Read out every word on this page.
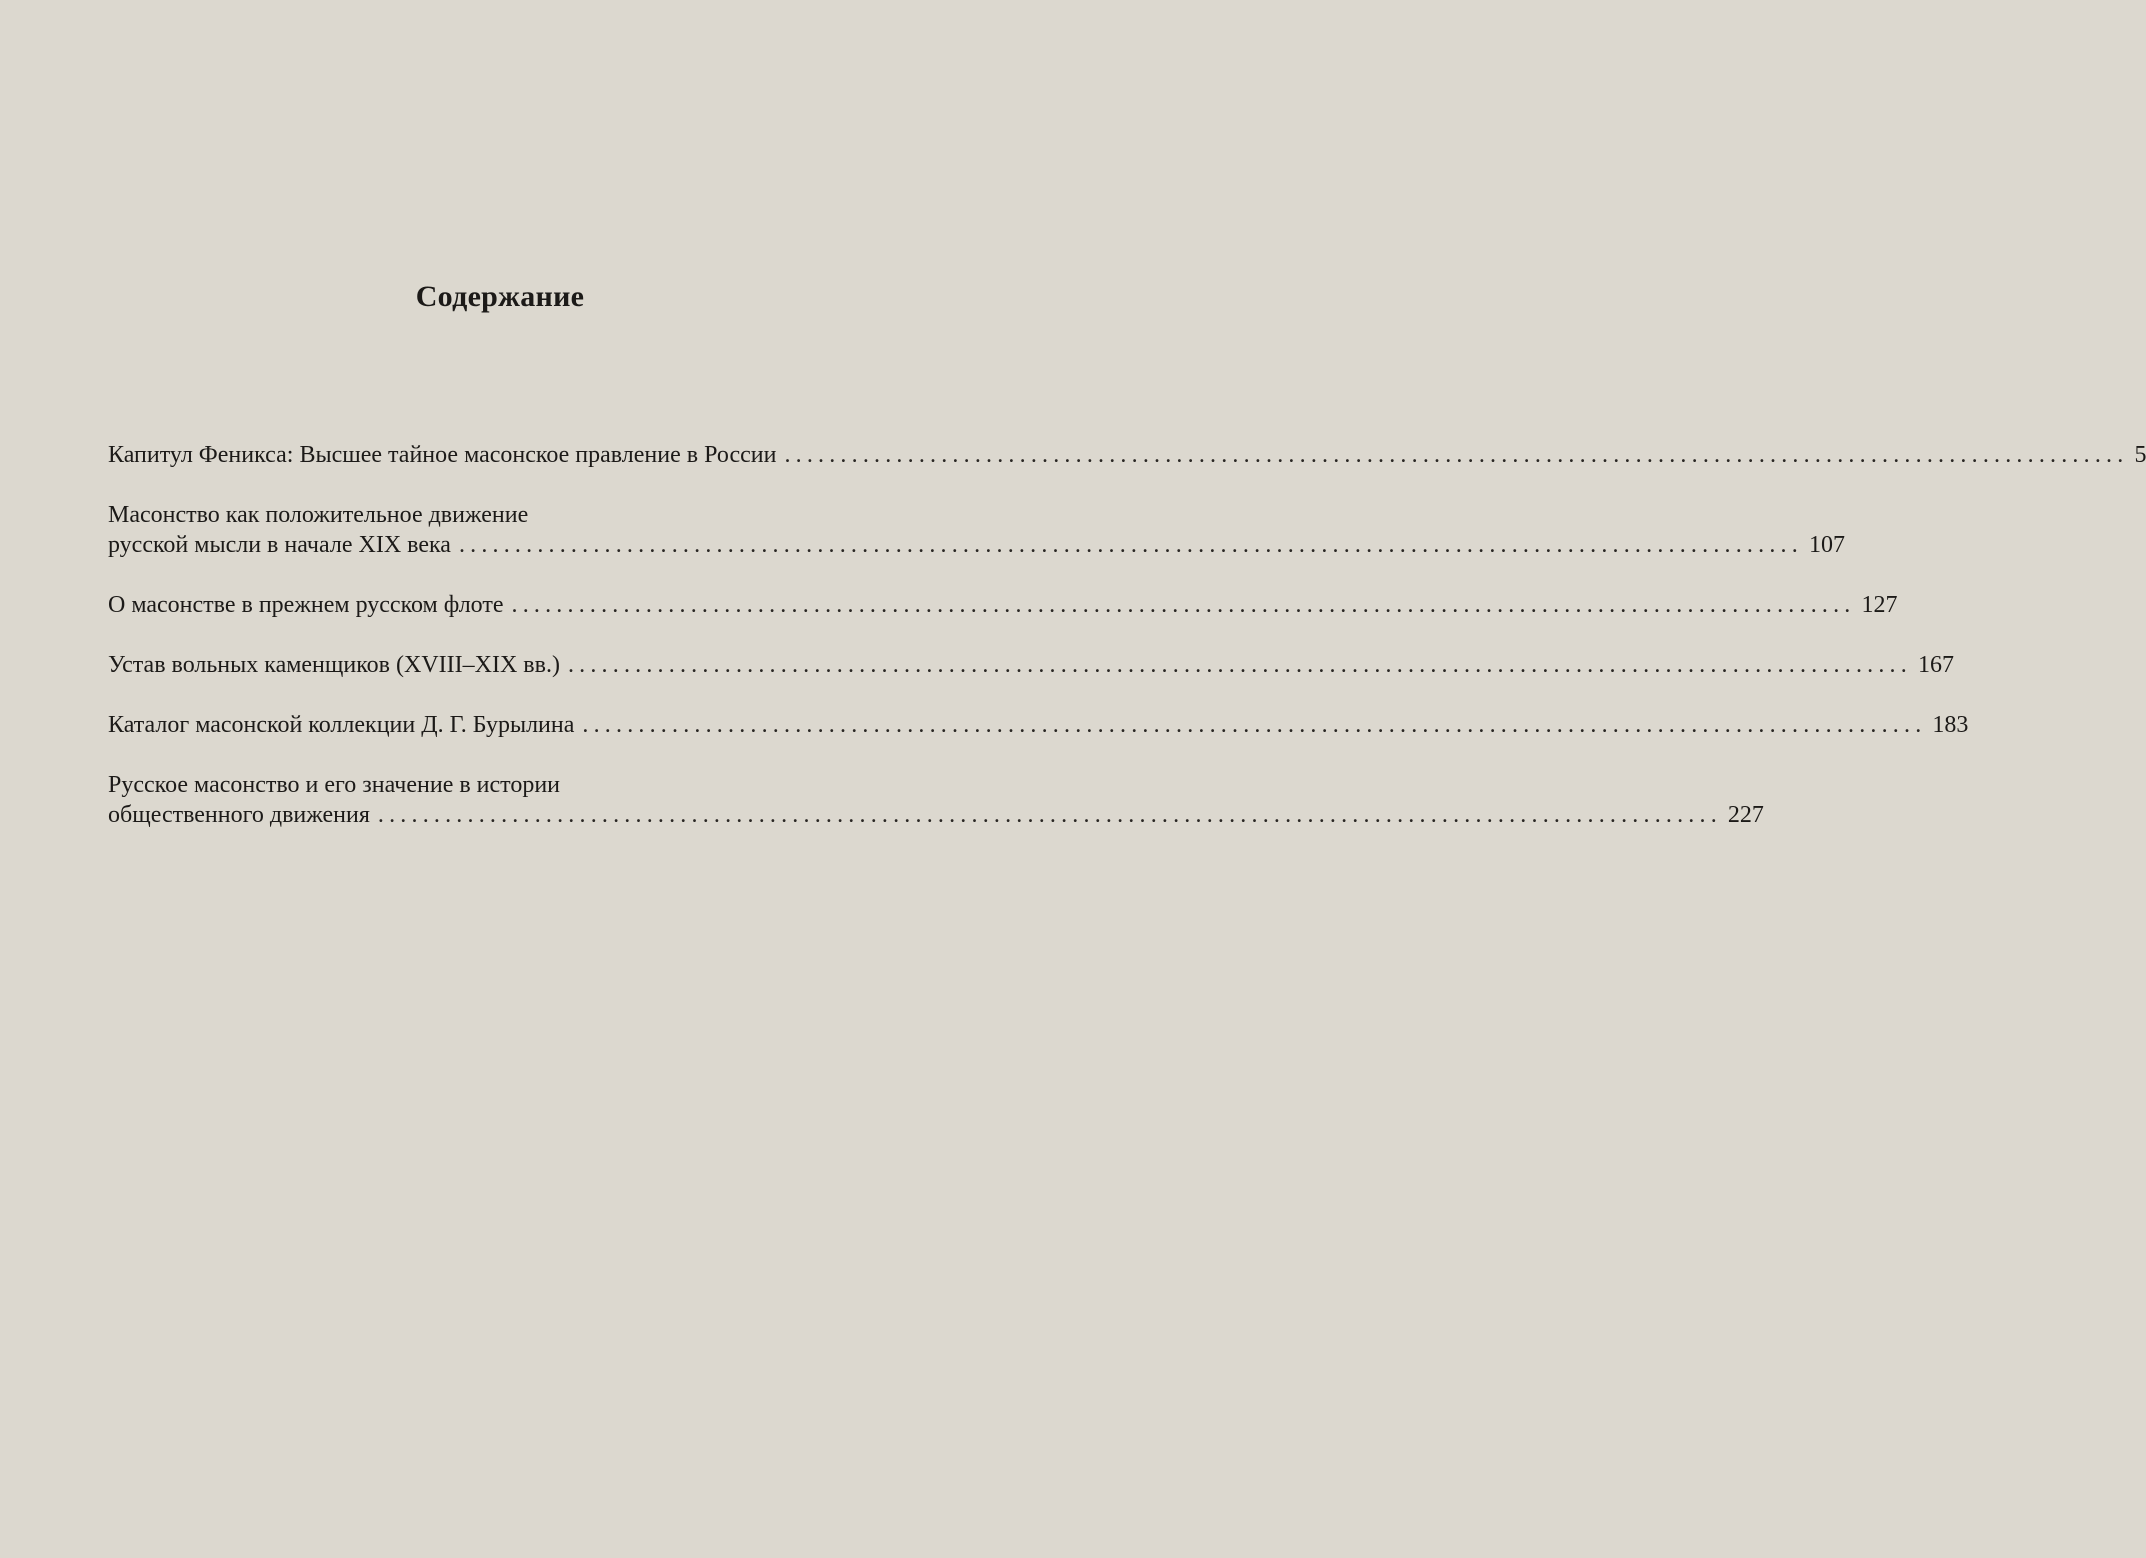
Содержание
Капитул Феникса: Высшее тайное масонское правление в России ........................................................................................................................ 5
Масонство как положительное движение
русской мысли в начале XIX века ........................................................................................................................ 107
О масонстве в прежнем русском флоте ........................................................................................................................ 127
Устав вольных каменщиков (XVIII–XIX вв.) ........................................................................................................................ 167
Каталог масонской коллекции Д. Г. Бурылина ........................................................................................................................ 183
Русское масонство и его значение в истории
общественного движения ........................................................................................................................ 227
